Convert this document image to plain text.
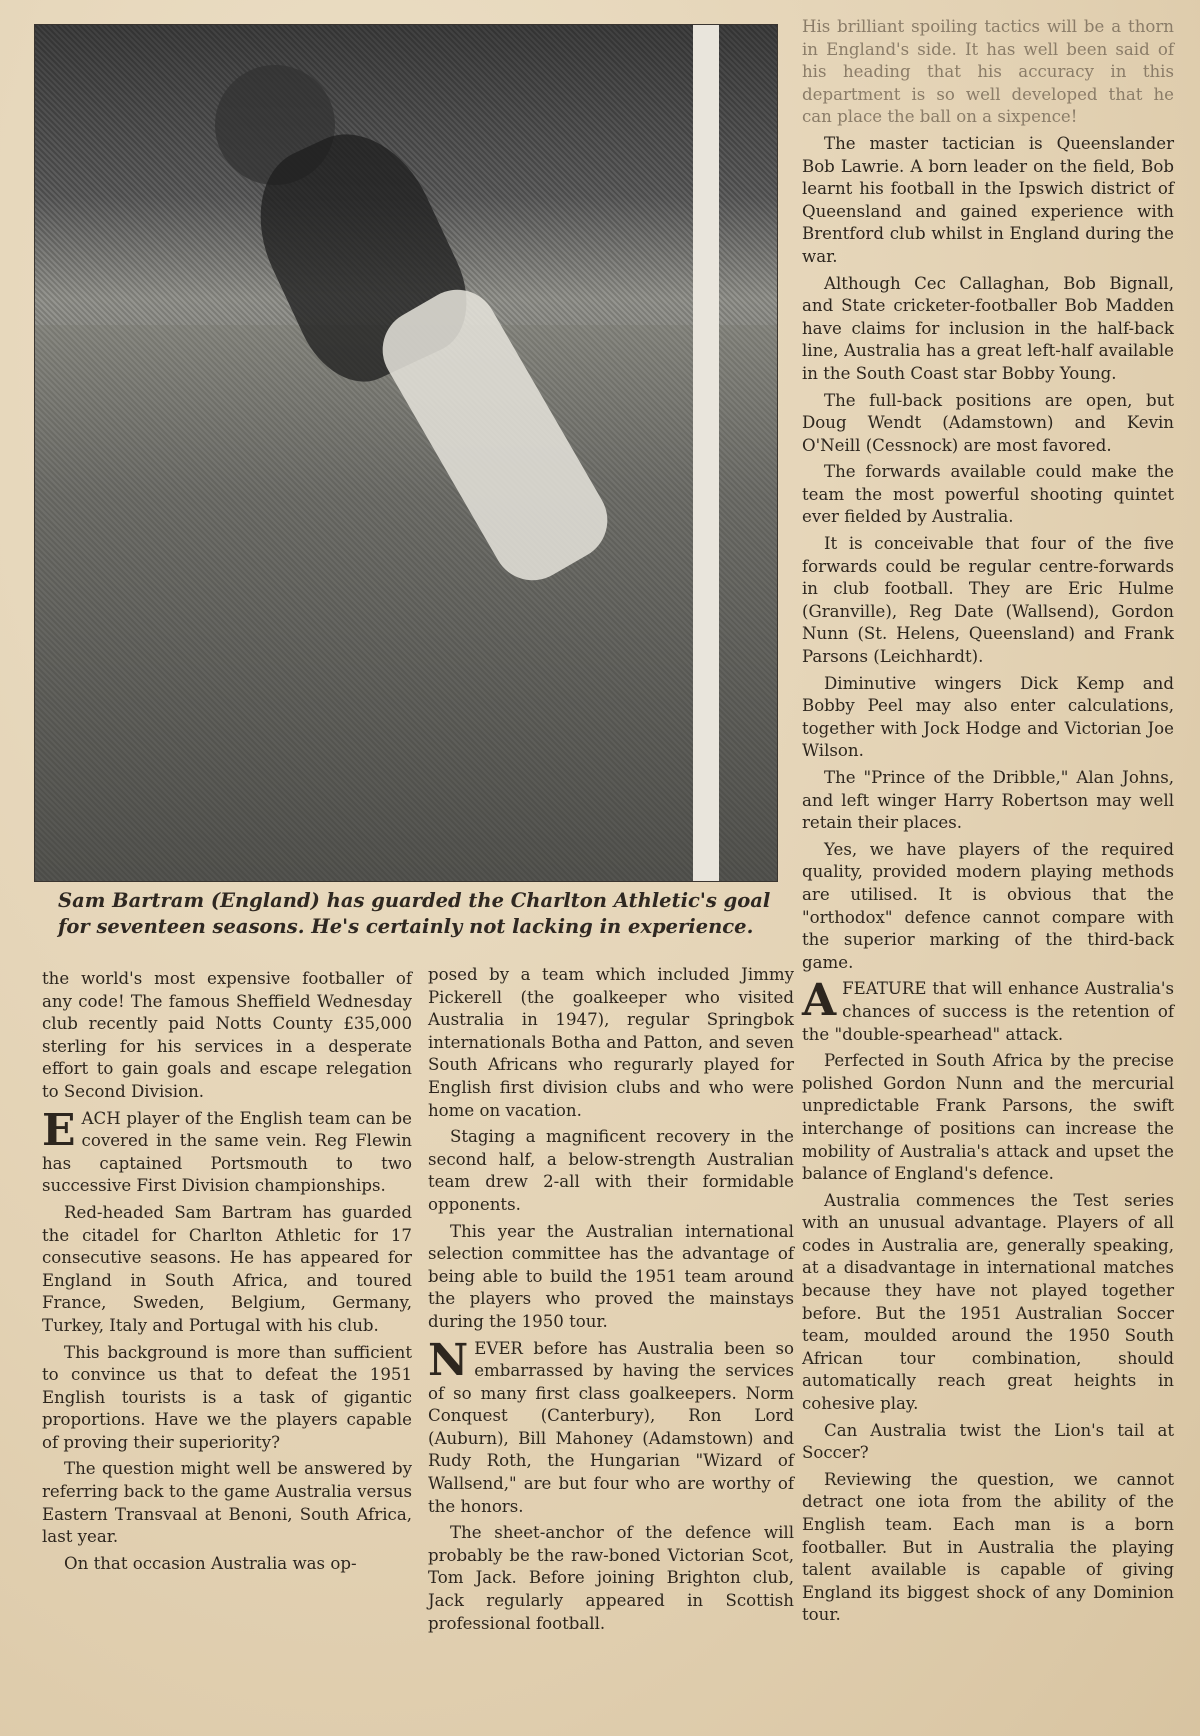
Sam Bartram (England) has guarded the Charlton Athletic's goal for seventeen seasons. He's certainly not lacking in experience.

His brilliant spoiling tactics will be a thorn in England's side. It has well been said of his heading that his accuracy in this department is so well developed that he can place the ball on a sixpence!

The master tactician is Queenslander Bob Lawrie. A born leader on the field, Bob learnt his football in the Ipswich district of Queensland and gained experience with Brentford club whilst in England during the war.

Although Cec Callaghan, Bob Bignall, and State cricketer-footballer Bob Madden have claims for inclusion in the half-back line, Australia has a great left-half available in the South Coast star Bobby Young.

The full-back positions are open, but Doug Wendt (Adamstown) and Kevin O'Neill (Cessnock) are most favored.

The forwards available could make the team the most powerful shooting quintet ever fielded by Australia.

It is conceivable that four of the five forwards could be regular centre-forwards in club football. They are Eric Hulme (Granville), Reg Date (Wallsend), Gordon Nunn (St. Helens, Queensland) and Frank Parsons (Leichhardt).

Diminutive wingers Dick Kemp and Bobby Peel may also enter calculations, together with Jock Hodge and Victorian Joe Wilson.

The "Prince of the Dribble," Alan Johns, and left winger Harry Robertson may well retain their places.

Yes, we have players of the required quality, provided modern playing methods are utilised. It is obvious that the "orthodox" defence cannot compare with the superior marking of the third-back game.

AFEATURE that will enhance Australia's chances of success is the retention of the "double-spearhead" attack.

Perfected in South Africa by the precise polished Gordon Nunn and the mercurial unpredictable Frank Parsons, the swift interchange of positions can increase the mobility of Australia's attack and upset the balance of England's defence.

Australia commences the Test series with an unusual advantage. Players of all codes in Australia are, generally speaking, at a disadvantage in international matches because they have not played together before. But the 1951 Australian Soccer team, moulded around the 1950 South African tour combination, should automatically reach great heights in cohesive play.

Can Australia twist the Lion's tail at Soccer?

Reviewing the question, we cannot detract one iota from the ability of the English team. Each man is a born footballer. But in Australia the playing talent available is capable of giving England its biggest shock of any Dominion tour.

the world's most expensive footballer of any code! The famous Sheffield Wednesday club recently paid Notts County £35,000 sterling for his services in a desperate effort to gain goals and escape relegation to Second Division.

EACH player of the English team can be covered in the same vein. Reg Flewin has captained Portsmouth to two successive First Division championships.

Red-headed Sam Bartram has guarded the citadel for Charlton Athletic for 17 consecutive seasons. He has appeared for England in South Africa, and toured France, Sweden, Belgium, Germany, Turkey, Italy and Portugal with his club.

This background is more than sufficient to convince us that to defeat the 1951 English tourists is a task of gigantic proportions. Have we the players capable of proving their superiority?

The question might well be answered by referring back to the game Australia versus Eastern Transvaal at Benoni, South Africa, last year.

On that occasion Australia was op-

posed by a team which included Jimmy Pickerell (the goalkeeper who visited Australia in 1947), regular Springbok internationals Botha and Patton, and seven South Africans who regurarly played for English first division clubs and who were home on vacation.

Staging a magnificent recovery in the second half, a below-strength Australian team drew 2-all with their formidable opponents.

This year the Australian international selection committee has the advantage of being able to build the 1951 team around the players who proved the mainstays during the 1950 tour.

NEVER before has Australia been so embarrassed by having the services of so many first class goalkeepers. Norm Conquest (Canterbury), Ron Lord (Auburn), Bill Mahoney (Adamstown) and Rudy Roth, the Hungarian "Wizard of Wallsend," are but four who are worthy of the honors.

The sheet-anchor of the defence will probably be the raw-boned Victorian Scot, Tom Jack. Before joining Brighton club, Jack regularly appeared in Scottish professional football.
